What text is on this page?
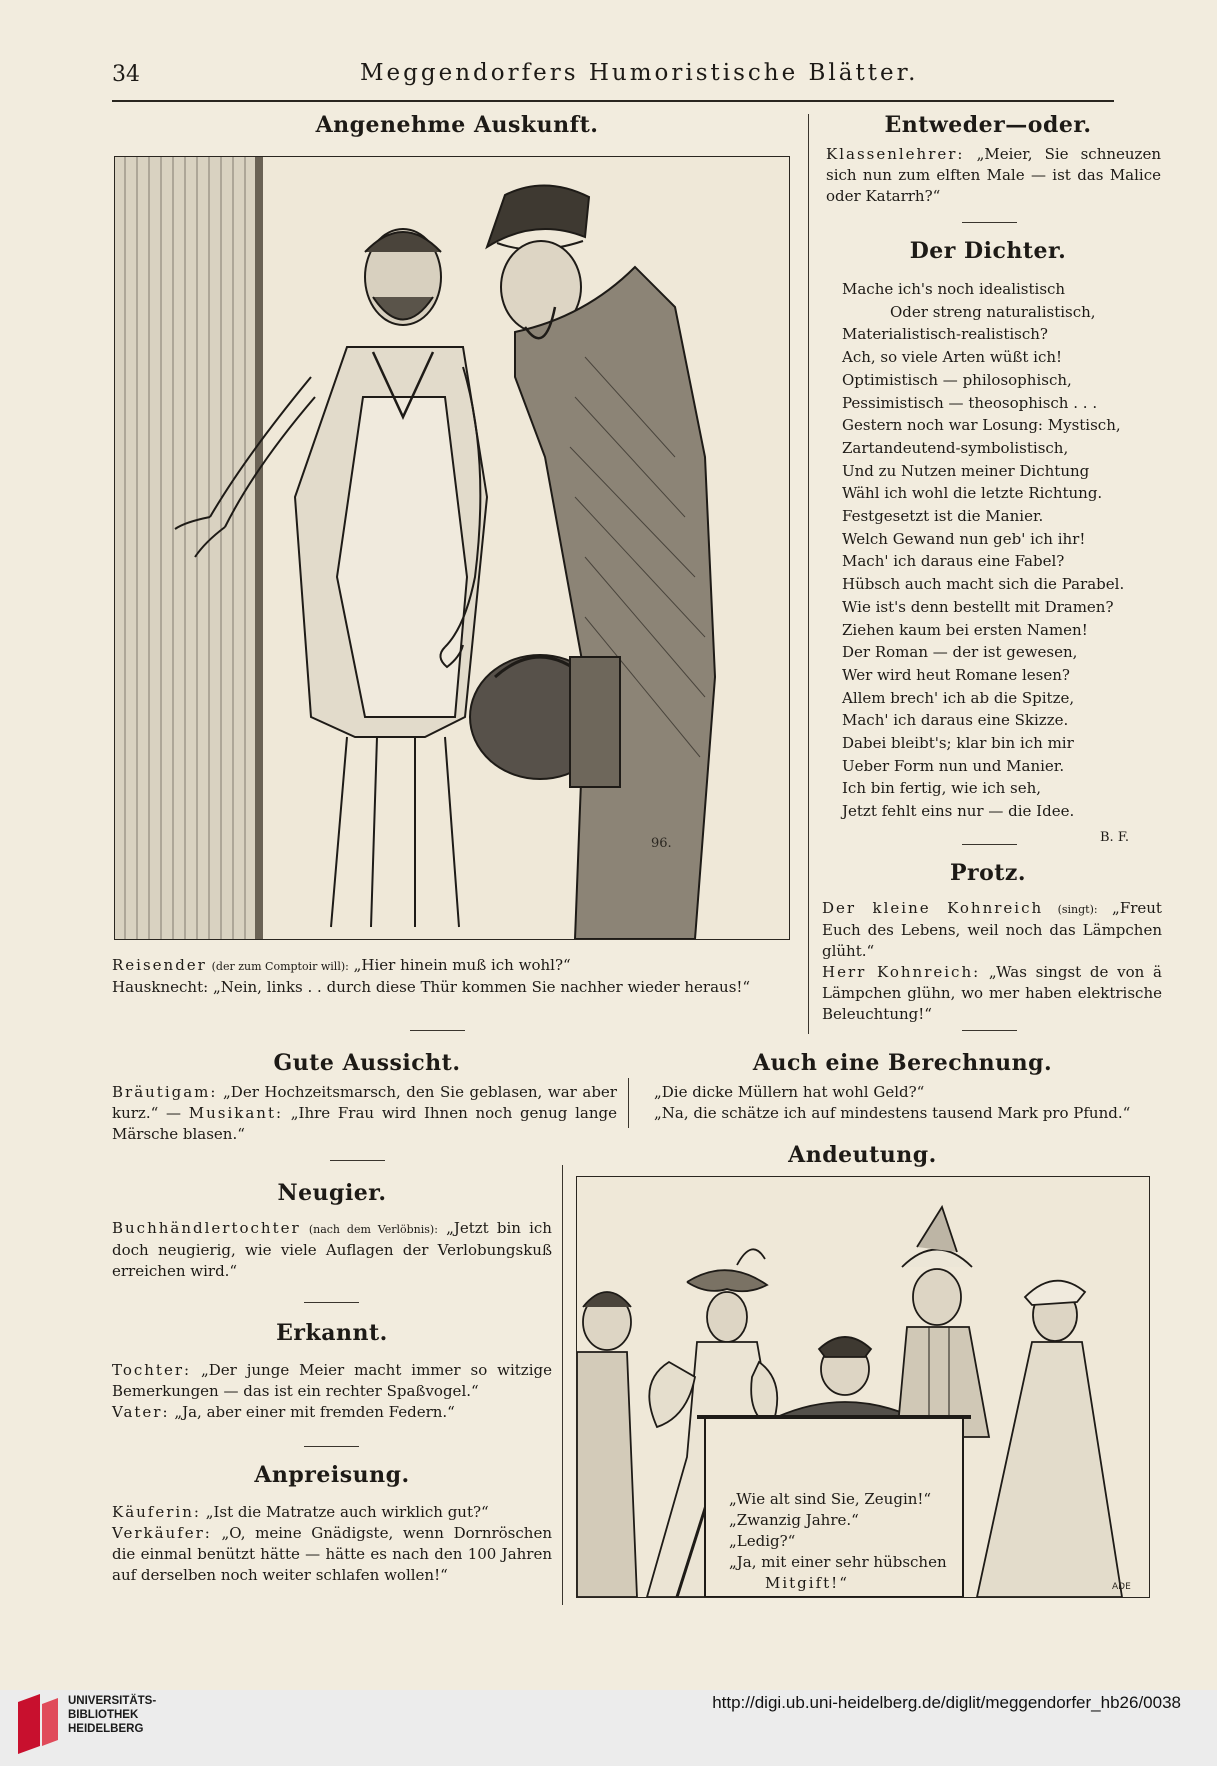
34	Meggendorfers Humoristische Blätter.
Angenehme Auskunft.
96.

Reisender (der zum Comptoir will): „Hier hinein muß ich wohl?“

Hausknecht: „Nein, links . . durch diese Thür kommen Sie nachher wieder heraus!“

Entweder—oder.

Klassenlehrer: „Meier, Sie schneuzen sich nun zum elften Male — ist das Malice oder Katarrh?“

Der Dichter.
Mache ich's noch idealistisch
Oder streng naturalistisch,
Materialistisch-realistisch?
Ach, so viele Arten wüßt ich!
Optimistisch — philosophisch,
Pessimistisch — theosophisch . . .
Gestern noch war Losung: Mystisch,
Zartandeutend-symbolistisch,
Und zu Nutzen meiner Dichtung
Wähl ich wohl die letzte Richtung.
Festgesetzt ist die Manier.
Welch Gewand nun geb' ich ihr!
Mach' ich daraus eine Fabel?
Hübsch auch macht sich die Parabel.
Wie ist's denn bestellt mit Dramen?
Ziehen kaum bei ersten Namen!
Der Roman — der ist gewesen,
Wer wird heut Romane lesen?
Allem brech' ich ab die Spitze,
Mach' ich daraus eine Skizze.
Dabei bleibt's; klar bin ich mir
Ueber Form nun und Manier.
Ich bin fertig, wie ich seh,
Jetzt fehlt eins nur — die Idee.
B. F.
Protz.

Der kleine Kohnreich (singt): „Freut Euch des Lebens, weil noch das Lämpchen glüht.“

Herr Kohnreich: „Was singst de von ä Lämpchen glühn, wo mer haben elektrische Beleuchtung!“

Gute Aussicht.

Bräutigam: „Der Hochzeitsmarsch, den Sie geblasen, war aber kurz.“ — Musikant: „Ihre Frau wird Ihnen noch genug lange Märsche blasen.“

Auch eine Berechnung.

„Die dicke Müllern hat wohl Geld?“

„Na, die schätze ich auf mindestens tausend Mark pro Pfund.“

Neugier.

Buchhändlertochter (nach dem Verlöbnis): „Jetzt bin ich doch neugierig, wie viele Auflagen der Verlobungskuß erreichen wird.“

Erkannt.

Tochter: „Der junge Meier macht immer so witzige Bemerkungen — das ist ein rechter Spaßvogel.“

Vater: „Ja, aber einer mit fremden Federn.“

Anpreisung.

Käuferin: „Ist die Matratze auch wirklich gut?“

Verkäufer: „O, meine Gnädigste, wenn Dornröschen die einmal benützt hätte — hätte es nach den 100 Jahren auf derselben noch weiter schlafen wollen!“

Andeutung.
ADE
„Wie alt sind Sie, Zeugin!“
„Zwanzig Jahre.“
„Ledig?“
„Ja, mit einer sehr hübschen
Mitgift!“
UNIVERSITÄTS-
BIBLIOTHEK
HEIDELBERG
http://digi.ub.uni-heidelberg.de/diglit/meggendorfer_hb26/0038
